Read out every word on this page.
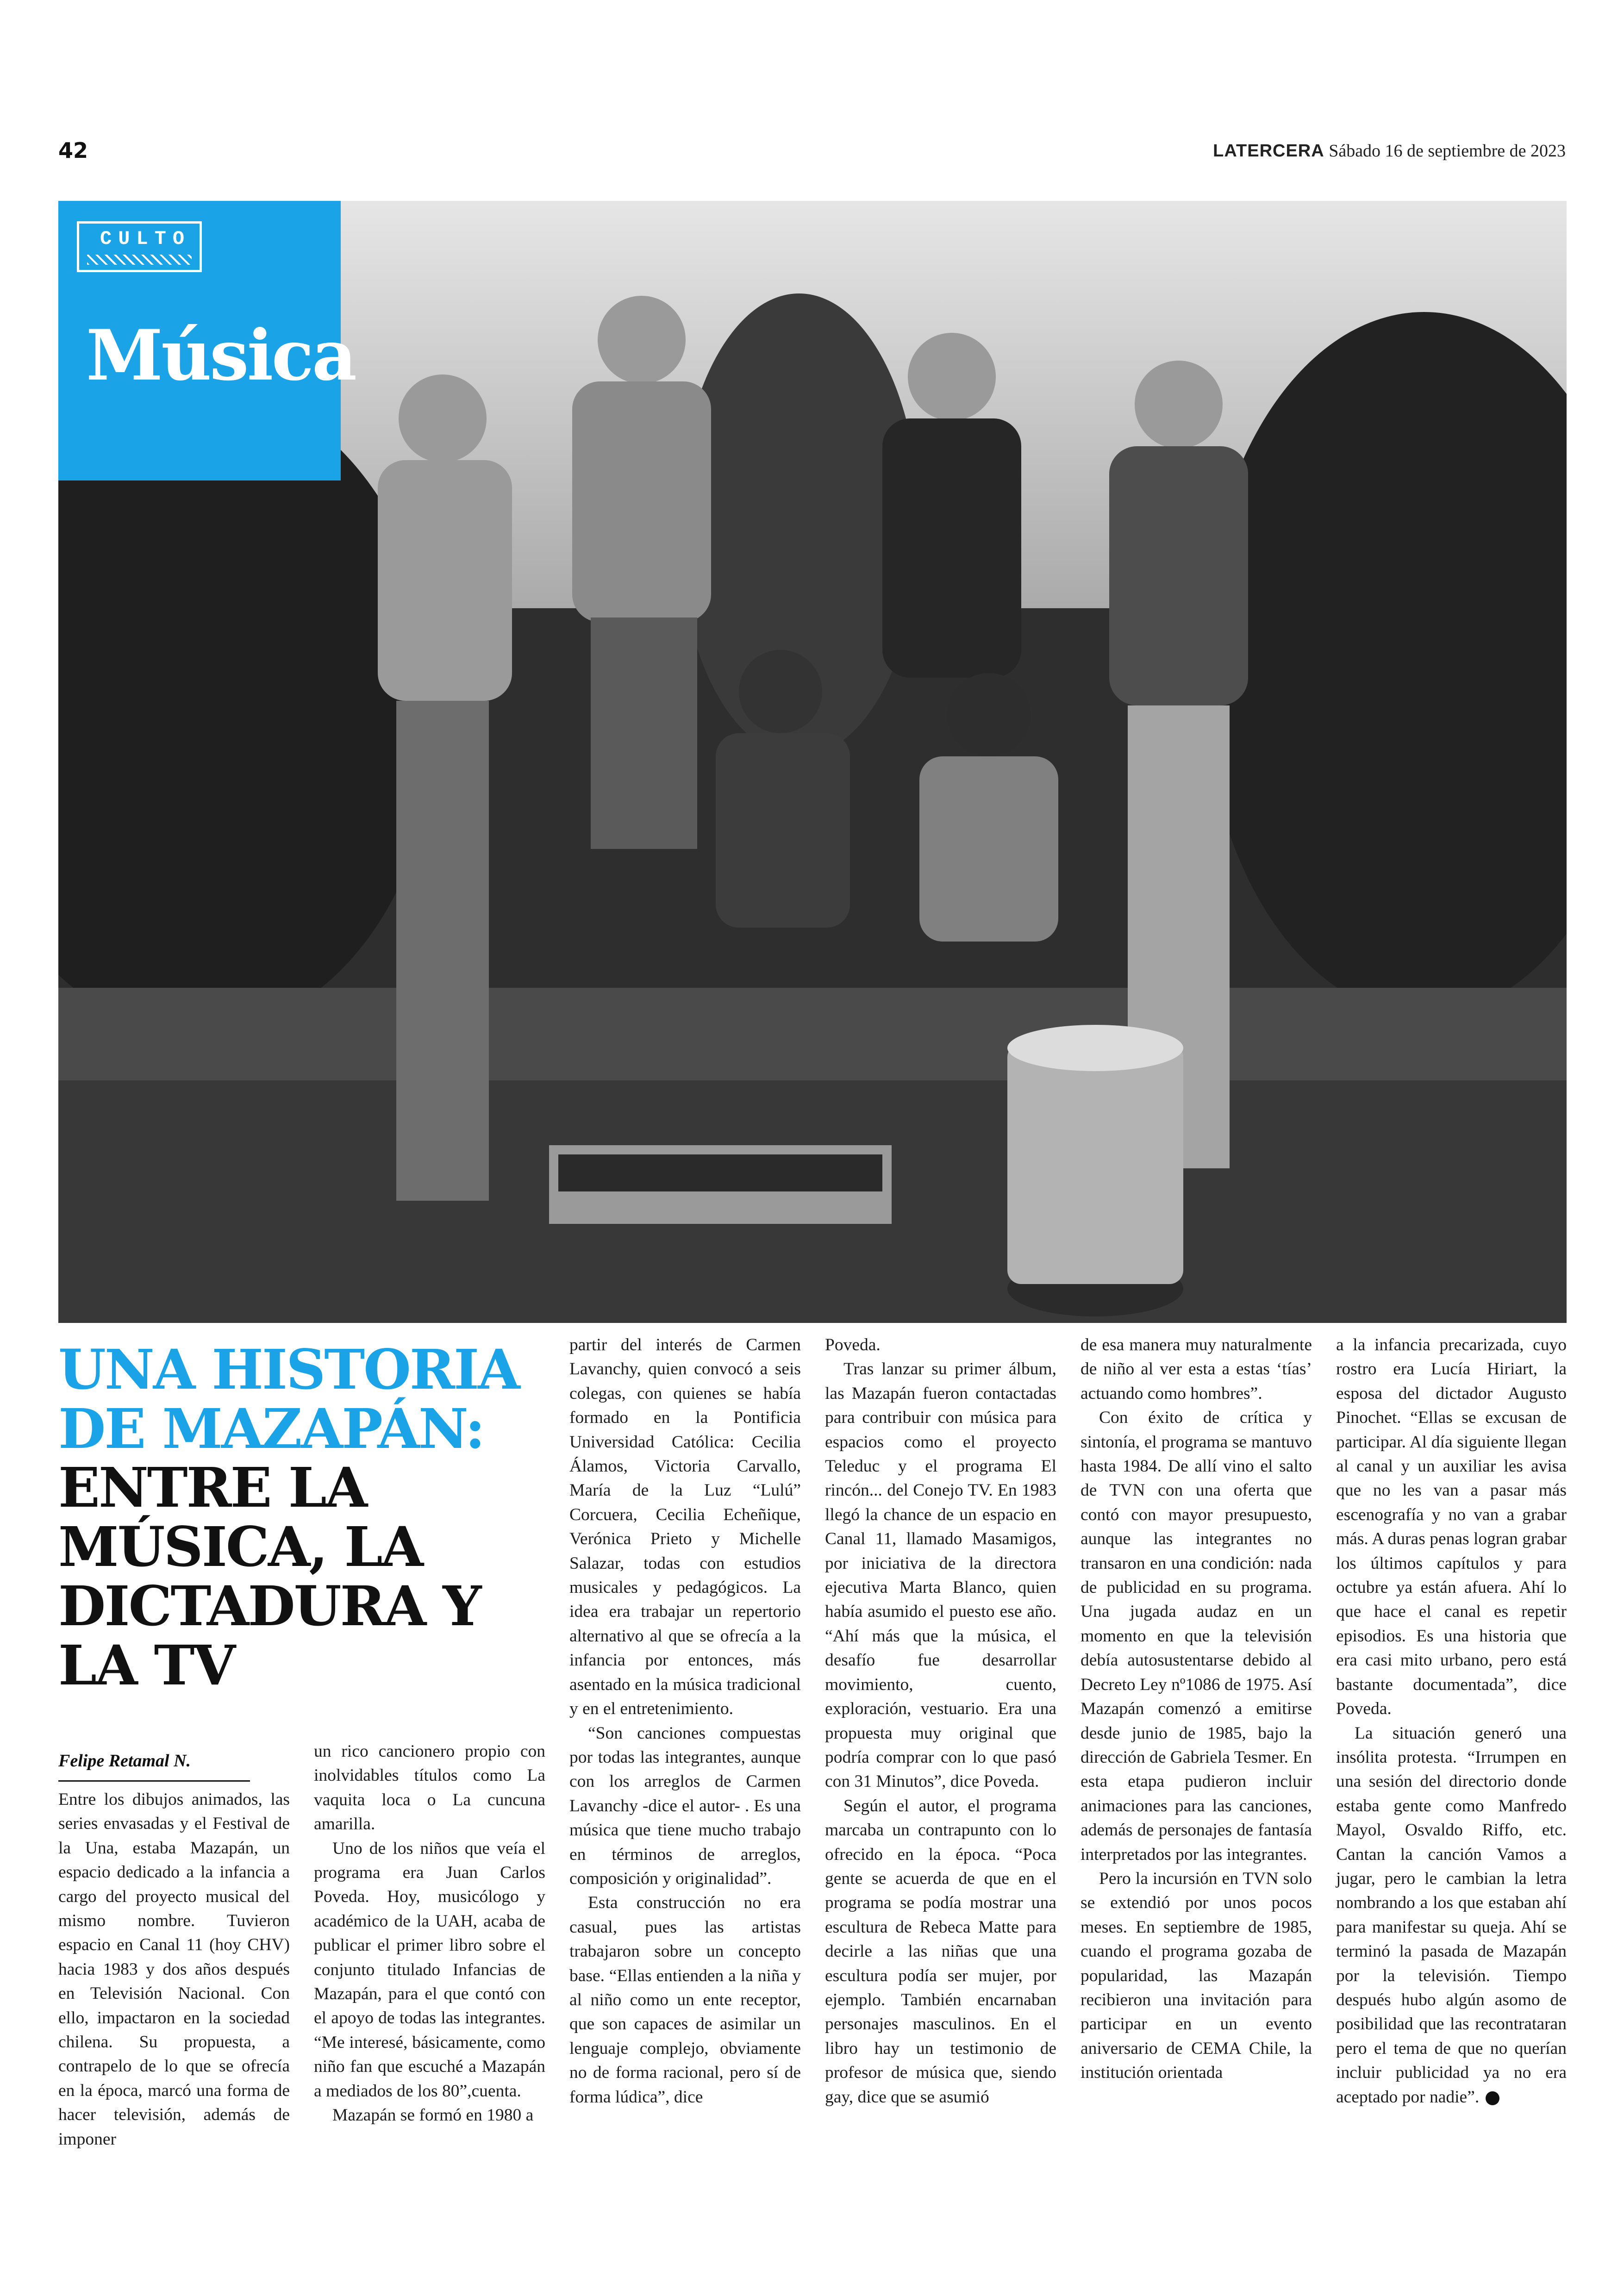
42	LATERCERA Sábado 16 de septiembre de 2023
CULTO
Música
UNA HISTORIA DE MAZAPÁN:
ENTRE LA MÚSICA, LA DICTADURA Y LA TV
Felipe Retamal N.

Entre los dibujos animados, las series envasadas y el Festival de la Una, estaba Mazapán, un espacio dedicado a la infancia a cargo del proyecto musical del mismo nombre. Tuvieron espacio en Canal 11 (hoy CHV) hacia 1983 y dos años después en Televisión Nacional. Con ello, impactaron en la sociedad chilena. Su propuesta, a contrapelo de lo que se ofrecía en la época, marcó una forma de hacer televisión, además de imponer

un rico cancionero propio con inolvidables títulos como La vaquita loca o La cuncuna amarilla.

Uno de los niños que veía el programa era Juan Carlos Poveda. Hoy, musicólogo y académico de la UAH, acaba de publicar el primer libro sobre el conjunto titulado Infancias de Mazapán, para el que contó con el apoyo de todas las integrantes. “Me interesé, básicamente, como niño fan que escuché a Mazapán a mediados de los 80”,cuenta.

Mazapán se formó en 1980 a

partir del interés de Carmen Lavanchy, quien convocó a seis colegas, con quienes se había formado en la Pontificia Universidad Católica: Cecilia Álamos, Victoria Carvallo, María de la Luz “Lulú” Corcuera, Cecilia Echeñique, Verónica Prieto y Michelle Salazar, todas con estudios musicales y pedagógicos. La idea era trabajar un repertorio alternativo al que se ofrecía a la infancia por entonces, más asentado en la música tradicional y en el entretenimiento.

“Son canciones compuestas por todas las integrantes, aunque con los arreglos de Carmen Lavanchy -dice el autor- . Es una música que tiene mucho trabajo en términos de arreglos, composición y originalidad”.

Esta construcción no era casual, pues las artistas trabajaron sobre un concepto base. “Ellas entienden a la niña y al niño como un ente receptor, que son capaces de asimilar un lenguaje complejo, obviamente no de forma racional, pero sí de forma lúdica”, dice

Poveda.

Tras lanzar su primer álbum, las Mazapán fueron contactadas para contribuir con música para espacios como el proyecto Teleduc y el programa El rincón... del Conejo TV. En 1983 llegó la chance de un espacio en Canal 11, llamado Masamigos, por iniciativa de la directora ejecutiva Marta Blanco, quien había asumido el puesto ese año. “Ahí más que la música, el desafío fue desarrollar movimiento, cuento, exploración, vestuario. Era una propuesta muy original que podría comprar con lo que pasó con 31 Minutos”, dice Poveda.

Según el autor, el programa marcaba un contrapunto con lo ofrecido en la época. “Poca gente se acuerda de que en el programa se podía mostrar una escultura de Rebeca Matte para decirle a las niñas que una escultura podía ser mujer, por ejemplo. También encarnaban personajes masculinos. En el libro hay un testimonio de profesor de música que, siendo gay, dice que se asumió

de esa manera muy naturalmente de niño al ver esta a estas ‘tías’ actuando como hombres”.

Con éxito de crítica y sintonía, el programa se mantuvo hasta 1984. De allí vino el salto de TVN con una oferta que contó con mayor presupuesto, aunque las integrantes no transaron en una condición: nada de publicidad en su programa. Una jugada audaz en un momento en que la televisión debía autosustentarse debido al Decreto Ley nº1086 de 1975. Así Mazapán comenzó a emitirse desde junio de 1985, bajo la dirección de Gabriela Tesmer. En esta etapa pudieron incluir animaciones para las canciones, además de personajes de fantasía interpretados por las integrantes.

Pero la incursión en TVN solo se extendió por unos pocos meses. En septiembre de 1985, cuando el programa gozaba de popularidad, las Mazapán recibieron una invitación para participar en un evento aniversario de CEMA Chile, la institución orientada

a la infancia precarizada, cuyo rostro era Lucía Hiriart, la esposa del dictador Augusto Pinochet. “Ellas se excusan de participar. Al día siguiente llegan al canal y un auxiliar les avisa que no les van a pasar más escenografía y no van a grabar más. A duras penas logran grabar los últimos capítulos y para octubre ya están afuera. Ahí lo que hace el canal es repetir episodios. Es una historia que era casi mito urbano, pero está bastante documentada”, dice Poveda.

La situación generó una insólita protesta. “Irrumpen en una sesión del directorio donde estaba gente como Manfredo Mayol, Osvaldo Riffo, etc. Cantan la canción Vamos a jugar, pero le cambian la letra nombrando a los que estaban ahí para manifestar su queja. Ahí se terminó la pasada de Mazapán por la televisión. Tiempo después hubo algún asomo de posibilidad que las recontrataran pero el tema de que no querían incluir publicidad ya no era aceptado por nadie”.
